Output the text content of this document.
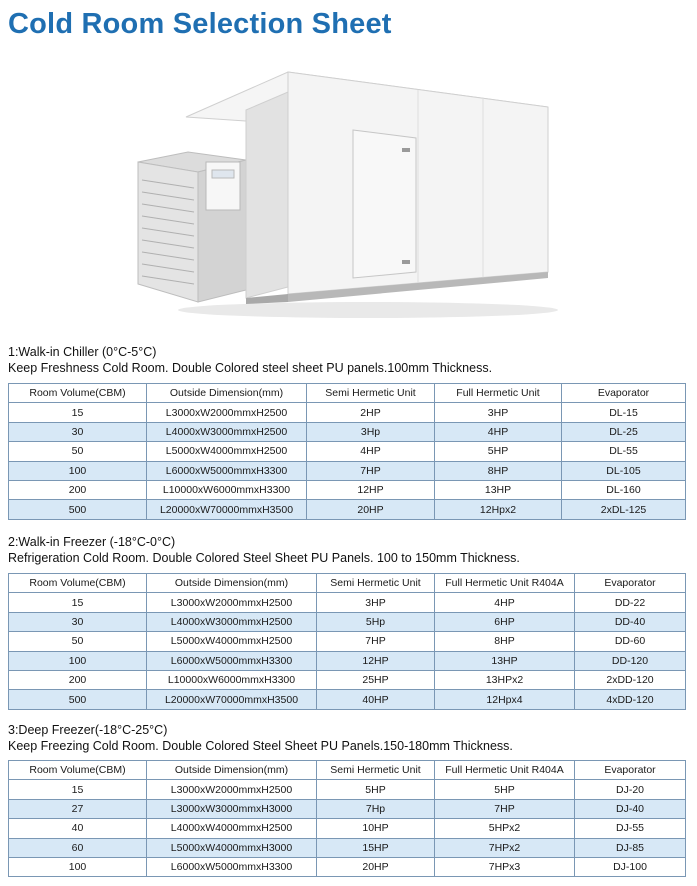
Cold Room Selection Sheet
1:Walk-in Chiller (0°C-5°C)
Keep Freshness Cold Room. Double Colored steel sheet PU panels.100mm Thickness.
Room Volume(CBM)	Outside Dimension(mm)	Semi Hermetic Unit	Full Hermetic Unit	Evaporator
15	L3000xW2000mmxH2500	2HP	3HP	DL-15
30	L4000xW3000mmxH2500	3Hp	4HP	DL-25
50	L5000xW4000mmxH2500	4HP	5HP	DL-55
100	L6000xW5000mmxH3300	7HP	8HP	DL-105
200	L10000xW6000mmxH3300	12HP	13HP	DL-160
500	L20000xW70000mmxH3500	20HP	12Hpx2	2xDL-125
2:Walk-in Freezer (-18°C-0°C)
Refrigeration Cold Room. Double Colored Steel Sheet PU Panels. 100 to 150mm Thickness.
Room Volume(CBM)	Outside Dimension(mm)	Semi Hermetic Unit	Full Hermetic Unit R404A	Evaporator
15	L3000xW2000mmxH2500	3HP	4HP	DD-22
30	L4000xW3000mmxH2500	5Hp	6HP	DD-40
50	L5000xW4000mmxH2500	7HP	8HP	DD-60
100	L6000xW5000mmxH3300	12HP	13HP	DD-120
200	L10000xW6000mmxH3300	25HP	13HPx2	2xDD-120
500	L20000xW70000mmxH3500	40HP	12Hpx4	4xDD-120
3:Deep Freezer(-18°C-25°C)
Keep Freezing Cold Room. Double Colored Steel Sheet PU Panels.150-180mm Thickness.
Room Volume(CBM)	Outside Dimension(mm)	Semi Hermetic Unit	Full Hermetic Unit R404A	Evaporator
15	L3000xW2000mmxH2500	5HP	5HP	DJ-20
27	L3000xW3000mmxH3000	7Hp	7HP	DJ-40
40	L4000xW4000mmxH2500	10HP	5HPx2	DJ-55
60	L5000xW4000mmxH3000	15HP	7HPx2	DJ-85
100	L6000xW5000mmxH3300	20HP	7HPx3	DJ-100
